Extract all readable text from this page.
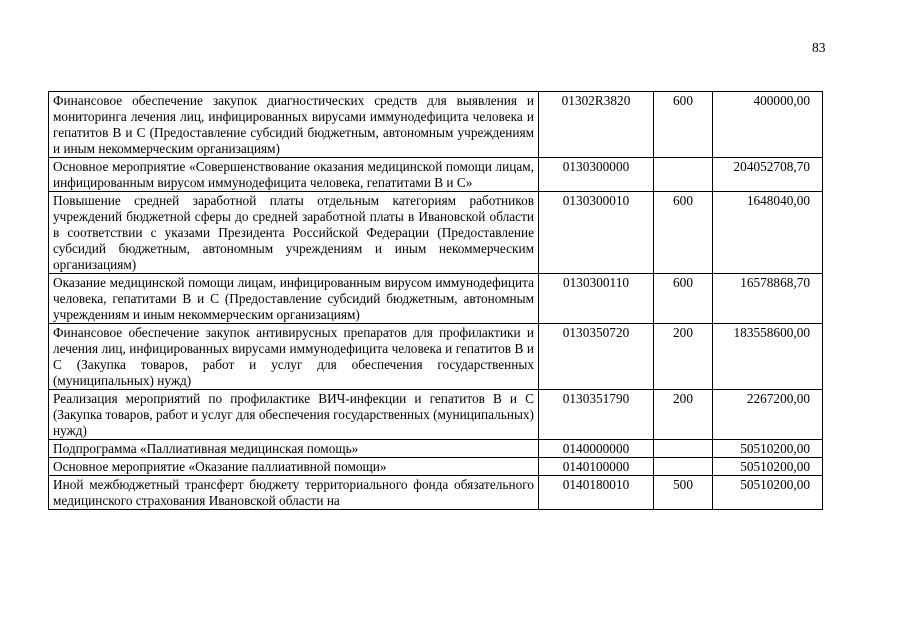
83
Финансовое обеспечение закупок диагностических средств для выявления и мониторинга лечения лиц, инфицированных вирусами иммунодефицита человека и гепатитов В и С (Предоставление субсидий бюджетным, автономным учреждениям и иным некоммерческим организациям)	01302R3820	600	400000,00
Основное мероприятие «Совершенствование оказания медицинской помощи лицам, инфицированным вирусом иммунодефицита человека, гепатитами В и С»	0130300000		204052708,70
Повышение средней заработной платы отдельным категориям работников учреждений бюджетной сферы до средней заработной платы в Ивановской области в соответствии с указами Президента Российской Федерации (Предоставление субсидий бюджетным, автономным учреждениям и иным некоммерческим организациям)	0130300010	600	1648040,00
Оказание медицинской помощи лицам, инфицированным вирусом иммунодефицита человека, гепатитами В и С (Предоставление субсидий бюджетным, автономным учреждениям и иным некоммерческим организациям)	0130300110	600	16578868,70
Финансовое обеспечение закупок антивирусных препаратов для профилактики и лечения лиц, инфицированных вирусами иммунодефицита человека и гепатитов В и С (Закупка товаров, работ и услуг для обеспечения государственных (муниципальных) нужд)	0130350720	200	183558600,00
Реализация мероприятий по профилактике ВИЧ-инфекции и гепатитов В и С (Закупка товаров, работ и услуг для обеспечения государственных (муниципальных) нужд)	0130351790	200	2267200,00
Подпрограмма «Паллиативная медицинская помощь»	0140000000		50510200,00
Основное мероприятие «Оказание паллиативной помощи»	0140100000		50510200,00
Иной межбюджетный трансферт бюджету территориального фонда обязательного медицинского страхования Ивановской области на	0140180010	500	50510200,00
